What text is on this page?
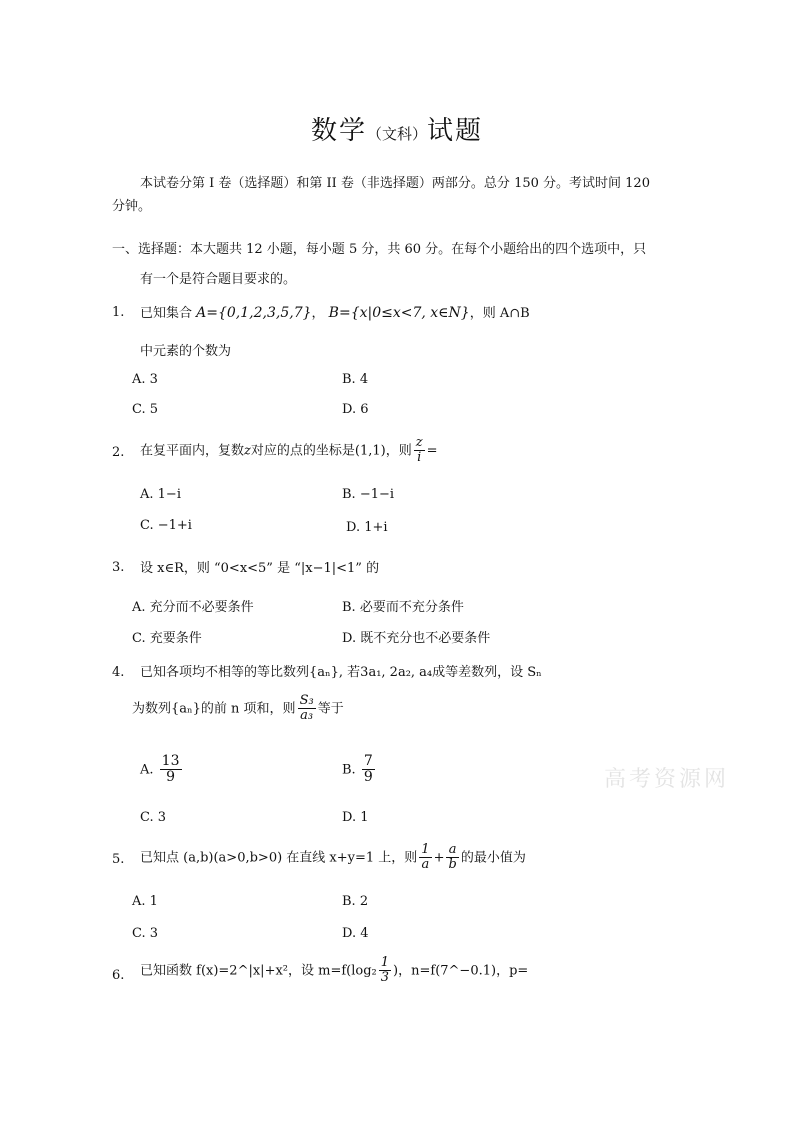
数学（文科）试题
本试卷分第 I 卷（选择题）和第 II 卷（非选择题）两部分。总分 150 分。考试时间 120
分钟。
一、选择题：本大题共 12 小题，每小题 5 分，共 60 分。在每个小题给出的四个选项中，只
有一个是符合题目要求的。
1. 已知集合 A={0,1,2,3,5,7}， B={x|0≤x<7, x∈N}，则 A∩B
中元素的个数为
A. 3	B. 4
C. 5	D. 6
2. 在复平面内，复数z对应的点的坐标是(1,1)，则 $\frac{z}{i}$ =
A. 1−i	B. −1−i
C. −1+i	D. 1+i
3. 设 x∈R，则 “0<x<5” 是 “|x−1|<1” 的
A. 充分而不必要条件	B. 必要而不充分条件
C. 充要条件	D. 既不充分也不必要条件
4. 已知各项均不相等的等比数列{aₙ}, 若3a₁, 2a₂, a₄成等差数列，设 Sₙ
为数列{aₙ}的前 n 项和，则 $\frac{\text{S₃}}{\text{a₃}}$ 等于
A. $\frac{13}{9}$	B. $\frac{7}{9}$
C. 3	D. 1
高考资源网
5. 已知点 (a,b)(a>0,b>0) 在直线 x+y=1 上，则 $\frac{1}{a} + \frac{a}{b}$ 的最小值为
A. 1	B. 2
C. 3	D. 4
6. 已知函数 f(x)=2^|x|+x²，设 $m=f(\log_2 \frac{1}{3}$ )，n=f(7^−0.1)，p=
